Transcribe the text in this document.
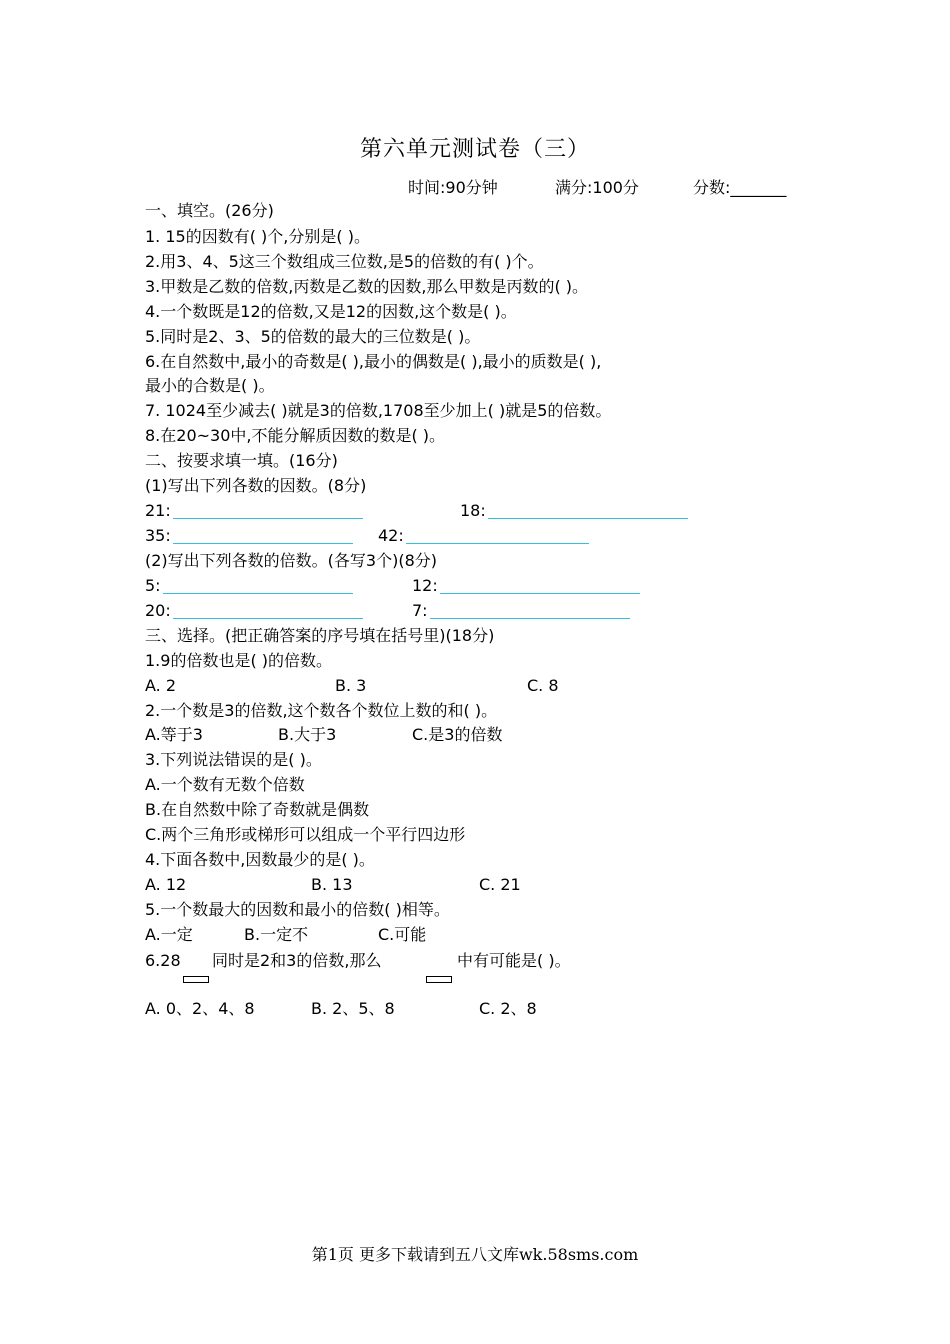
第六单元测试卷（三）
时间:90分钟	满分:100分	分数:_______
一、填空。(26分)
1. 15的因数有( )个,分别是( )。
2.用3、4、5这三个数组成三位数,是5的倍数的有( )个。
3.甲数是乙数的倍数,丙数是乙数的因数,那么甲数是丙数的( )。
4.一个数既是12的倍数,又是12的因数,这个数是( )。
5.同时是2、3、5的倍数的最大的三位数是( )。
6.在自然数中,最小的奇数是( ),最小的偶数是( ),最小的质数是( ),
最小的合数是( )。
7. 1024至少减去( )就是3的倍数,1708至少加上( )就是5的倍数。
8.在20~30中,不能分解质因数的数是( )。
二、按要求填一填。(16分)
(1)写出下列各数的因数。(8分)
21:	18:
35:	42:
(2)写出下列各数的倍数。(各写3个)(8分)
5:	12:
20:	7:
三、选择。(把正确答案的序号填在括号里)(18分)
1.9的倍数也是( )的倍数。
A. 2	B. 3	C. 8
2.一个数是3的倍数,这个数各个数位上数的和( )。
A.等于3	B.大于3	C.是3的倍数
3.下列说法错误的是( )。
A.一个数有无数个倍数
B.在自然数中除了奇数就是偶数
C.两个三角形或梯形可以组成一个平行四边形
4.下面各数中,因数最少的是( )。
A. 12	B. 13	C. 21
5.一个数最大的因数和最小的倍数( )相等。
A.一定	B.一定不	C.可能
6.28 同时是2和3的倍数,那么	中有可能是( )。
A. 0、2、4、8	B. 2、5、8	C. 2、8
第1页 更多下载请到五八文库wk.58sms.com
